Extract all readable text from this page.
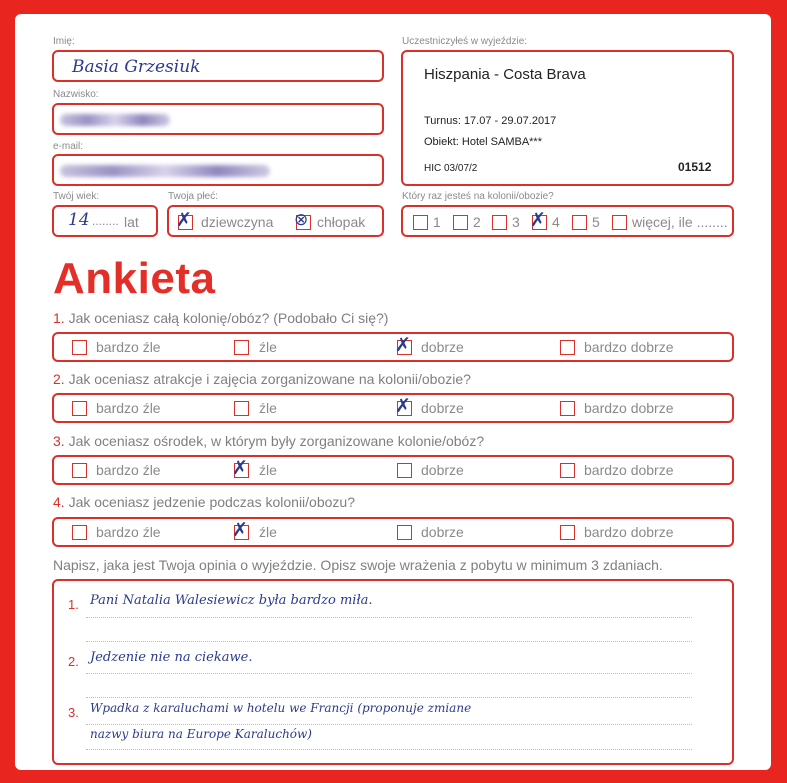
Imię:
Basia Grzesiuk
Nazwisko:
e-mail:
Twój wiek:
14 ........ lat
Twoja płeć:
✗ dziewczyna ⊗ chłopak
Uczestniczyłeś w wyjeździe:
Hiszpania - Costa Brava
Turnus: 17.07 - 29.07.2017
Obiekt: Hotel SAMBA***
HIC 03/07/2	01512
Który raz jesteś na kolonii/obozie?
1 2 3 ✗ 4 5 więcej, ile ........
Ankieta
1. Jak oceniasz całą kolonię/obóz? (Podobało Ci się?)
bardzo źle	źle	✗ dobrze	bardzo dobrze
2. Jak oceniasz atrakcje i zajęcia zorganizowane na kolonii/obozie?
bardzo źle	źle	✗ dobrze	bardzo dobrze
3. Jak oceniasz ośrodek, w którym były zorganizowane kolonie/obóz?
bardzo źle	✗ źle	dobrze	bardzo dobrze
4. Jak oceniasz jedzenie podczas kolonii/obozu?
bardzo źle	✗ źle	dobrze	bardzo dobrze
Napisz, jaka jest Twoja opinia o wyjeździe. Opisz swoje wrażenia z pobytu w minimum 3 zdaniach.
1. Pani Natalia Walesiewicz była bardzo miła.
2. Jedzenie nie na ciekawe.
3. Wpadka z karaluchami w hotelu we Francji (proponuje zmiane
nazwy biura na Europe Karaluchów)
